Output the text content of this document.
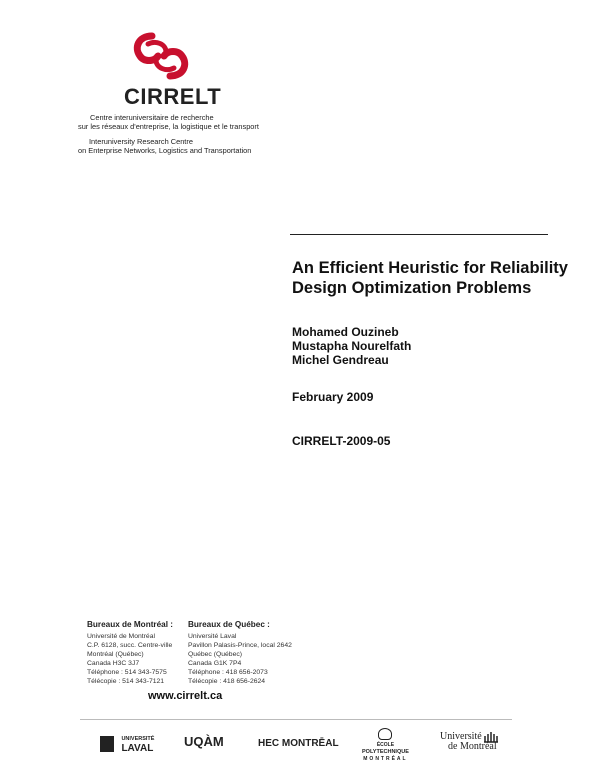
CIRRELT
Centre interuniversitaire de recherche
sur les réseaux d'entreprise, la logistique et le transport
Interuniversity Research Centre
on Enterprise Networks, Logistics and Transportation
An Efficient Heuristic for Reliability Design Optimization Problems
Mohamed Ouzineb
Mustapha Nourelfath
Michel Gendreau
February 2009
CIRRELT-2009-05
Bureaux de Montréal :
Université de Montréal
C.P. 6128, succ. Centre-ville
Montréal (Québec)
Canada H3C 3J7
Téléphone : 514 343-7575
Télécopie : 514 343-7121
Bureaux de Québec :
Université Laval
Pavillon Palasis-Prince, local 2642
Québec (Québec)
Canada G1K 7P4
Téléphone : 418 656-2073
Télécopie : 418 656-2624
www.cirrelt.ca

UNIVERSITÉ
LAVAL UQÀM	HEC MONTRĒAL	ÉCOLE
POLYTECHNIQUE
MONTRÉAL
Université
de Montréal
